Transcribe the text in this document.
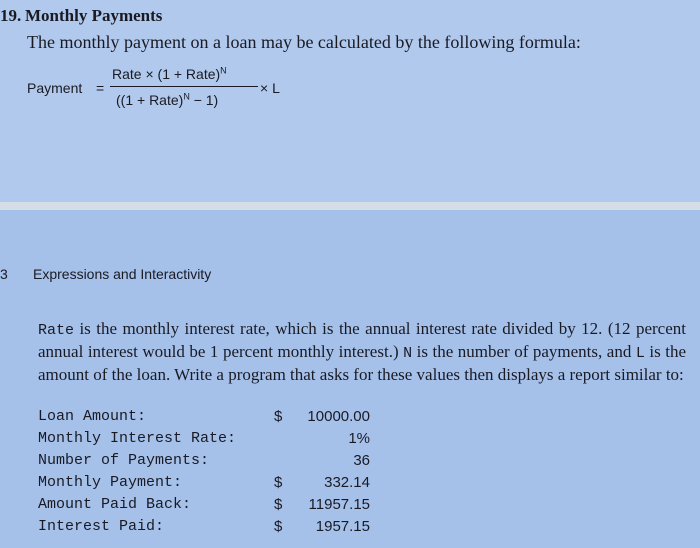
19. Monthly Payments
The monthly payment on a loan may be calculated by the following formula:
Payment =
Rate × (1 + Rate)$^N$
((1 + Rate)$^N$ − 1)
× L
3 Expressions and Interactivity
Rate is the monthly interest rate, which is the annual interest rate divided by 12. (12 percent annual interest would be 1 percent monthly interest.) N is the number of payments, and L is the amount of the loan. Write a program that asks for these values then displays a report similar to:
Loan Amount:	$ 10000.00
Monthly Interest Rate:	1%
Number of Payments:	36
Monthly Payment:	$	332.14
Amount Paid Back:	$ 11957.15
Interest Paid:	$ 1957.15
